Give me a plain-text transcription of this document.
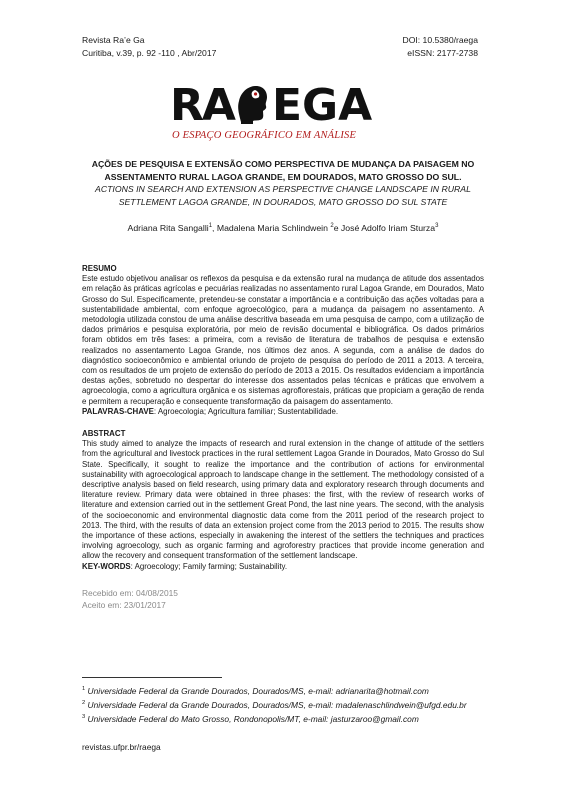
Revista Ra’e Ga
Curitiba, v.39, p. 92 -110 , Abr/2017
DOI: 10.5380/raega
eISSN: 2177-2738
RA EGA
O ESPAÇO GEOGRÁFICO EM ANÁLISE
AÇÕES DE PESQUISA E EXTENSÃO COMO PERSPECTIVA DE MUDANÇA DA PAISAGEM NO ASSENTAMENTO RURAL LAGOA GRANDE, EM DOURADOS, MATO GROSSO DO SUL.
ACTIONS IN SEARCH AND EXTENSION AS PERSPECTIVE CHANGE LANDSCAPE IN RURAL SETTLEMENT LAGOA GRANDE, IN DOURADOS, MATO GROSSO DO SUL STATE
Adriana Rita Sangalli$^1$, Madalena Maria Schlindwein $^2$e José Adolfo Iriam Sturza$^3$
RESUMO

Este estudo objetivou analisar os reflexos da pesquisa e da extensão rural na mudança de atitude dos assentados em relação às práticas agrícolas e pecuárias realizadas no assentamento rural Lagoa Grande, em Dourados, Mato Grosso do Sul. Especificamente, pretendeu-se constatar a importância e a contribuição das ações voltadas para a sustentabilidade ambiental, com enfoque agroecológico, para a mudança da paisagem no assentamento. A metodologia utilizada constou de uma análise descritiva baseada em uma pesquisa de campo, com a utilização de dados primários e pesquisa exploratória, por meio de revisão documental e bibliográfica. Os dados primários foram obtidos em três fases: a primeira, com a revisão de literatura de trabalhos de pesquisa e extensão realizados no assentamento Lagoa Grande, nos últimos dez anos. A segunda, com a análise de dados do diagnóstico socioeconômico e ambiental oriundo de projeto de pesquisa do período de 2011 a 2013. A terceira, com os resultados de um projeto de extensão do período de 2013 a 2015. Os resultados evidenciam a importância destas ações, sobretudo no despertar do interesse dos assentados pelas técnicas e práticas que envolvem a agroecologia, como a agricultura orgânica e os sistemas agroflorestais, práticas que propiciam a geração de renda e permitem a recuperação e consequente transformação da paisagem do assentamento.

PALAVRAS-CHAVE: Agroecologia; Agricultura familiar; Sustentabilidade.

ABSTRACT

This study aimed to analyze the impacts of research and rural extension in the change of attitude of the settlers from the agricultural and livestock practices in the rural settlement Lagoa Grande in Dourados, Mato Grosso do Sul State. Specifically, it sought to realize the importance and the contribution of actions for environmental sustainability with agroecological approach to landscape change in the settlement. The methodology consisted of a descriptive analysis based on field research, using primary data and exploratory research through documents and literature review. Primary data were obtained in three phases: the first, with the review of research works of literature and extension carried out in the settlement Great Pond, the last nine years. The second, with the analysis of the socioeconomic and environmental diagnostic data come from the 2011 period of the research project to 2013. The third, with the results of data an extension project come from the 2013 period to 2015. The results show the importance of these actions, especially in awakening the interest of the settlers the techniques and practices involving agroecology, such as organic farming and agroforestry practices that provide income generation and allow the recovery and consequent transformation of the settlement landscape.

KEY-WORDS: Agroecology; Family farming; Sustainability.

Recebido em: 04/08/2015
Aceito em: 23/01/2017
$^1$ Universidade Federal da Grande Dourados, Dourados/MS, e-mail: adrianarita@hotmail.com
$^2$ Universidade Federal da Grande Dourados, Dourados/MS, e-mail: madalenaschlindwein@ufgd.edu.br
$^3$ Universidade Federal do Mato Grosso, Rondonopolis/MT, e-mail: jasturzaroo@gmail.com
revistas.ufpr.br/raega
